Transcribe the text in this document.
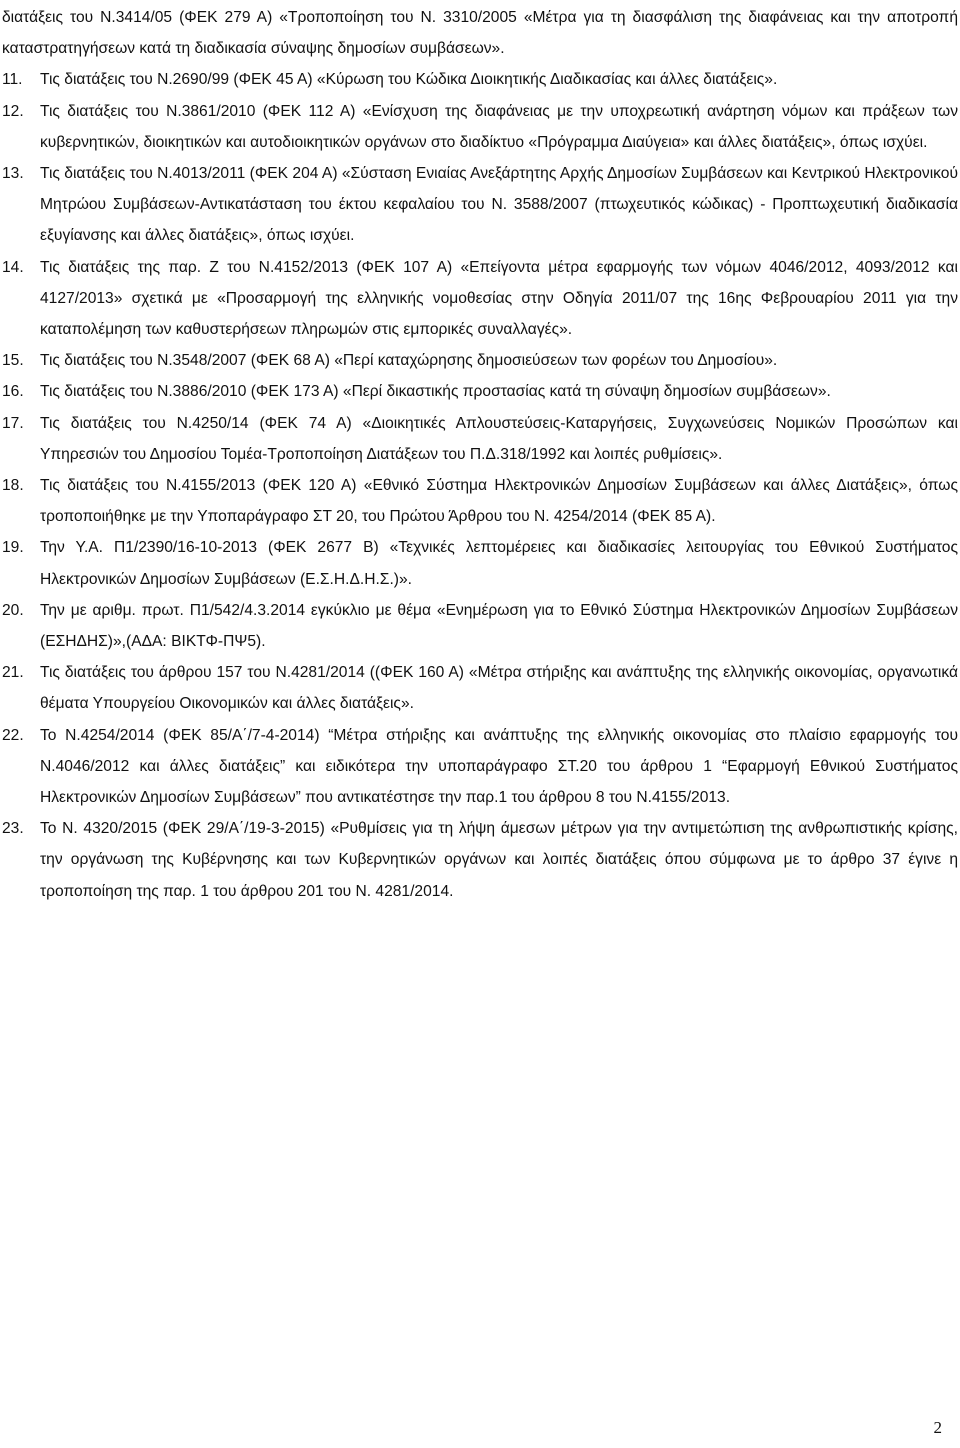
διατάξεις του Ν.3414/05 (ΦΕΚ 279 Α) «Τροποποίηση του Ν. 3310/2005 «Μέτρα για τη διασφάλιση της διαφάνειας και την αποτροπή καταστρατηγήσεων κατά τη διαδικασία σύναψης δημοσίων συμβάσεων».

11.	Τις διατάξεις του Ν.2690/99 (ΦΕΚ 45 Α) «Κύρωση του Κώδικα Διοικητικής Διαδικασίας και άλλες διατάξεις».
12.	Τις διατάξεις του Ν.3861/2010 (ΦΕΚ 112 Α) «Ενίσχυση της διαφάνειας με την υποχρεωτική ανάρτηση νόμων και πράξεων των κυβερνητικών, διοικητικών και αυτοδιοικητικών οργάνων στο διαδίκτυο «Πρόγραμμα Διαύγεια» και άλλες διατάξεις», όπως ισχύει.
13.	Τις διατάξεις του Ν.4013/2011 (ΦΕΚ 204 Α) «Σύσταση Ενιαίας Ανεξάρτητης Αρχής Δημοσίων Συμβάσεων και Κεντρικού Ηλεκτρονικού Μητρώου Συμβάσεων-Αντικατάσταση του έκτου κεφαλαίου του Ν. 3588/2007 (πτωχευτικός κώδικας) - Προπτωχευτική διαδικασία εξυγίανσης και άλλες διατάξεις», όπως ισχύει.
14.	Τις διατάξεις της παρ. Ζ του Ν.4152/2013 (ΦΕΚ 107 Α) «Επείγοντα μέτρα εφαρμογής των νόμων 4046/2012, 4093/2012 και 4127/2013» σχετικά με «Προσαρμογή της ελληνικής νομοθεσίας στην Οδηγία 2011/07 της 16ης Φεβρουαρίου 2011 για την καταπολέμηση των καθυστερήσεων πληρωμών στις εμπορικές συναλλαγές».
15.	Τις διατάξεις του Ν.3548/2007 (ΦΕΚ 68 Α) «Περί καταχώρησης δημοσιεύσεων των φορέων του Δημοσίου».
16.	Τις διατάξεις του Ν.3886/2010 (ΦΕΚ 173 Α) «Περί δικαστικής προστασίας κατά τη σύναψη δημοσίων συμβάσεων».
17.	Τις διατάξεις του Ν.4250/14 (ΦΕΚ 74 Α) «Διοικητικές Απλουστεύσεις-Καταργήσεις, Συγχωνεύσεις Νομικών Προσώπων και Υπηρεσιών του Δημοσίου Τομέα-Τροποποίηση Διατάξεων του Π.Δ.318/1992 και λοιπές ρυθμίσεις».
18.	Τις διατάξεις του Ν.4155/2013 (ΦΕΚ 120 Α) «Εθνικό Σύστημα Ηλεκτρονικών Δημοσίων Συμβάσεων και άλλες Διατάξεις», όπως τροποποιήθηκε με την Υποπαράγραφο ΣΤ 20, του Πρώτου Άρθρου του Ν. 4254/2014 (ΦΕΚ 85 Α).
19.	Την Υ.Α. Π1/2390/16-10-2013 (ΦΕΚ 2677 Β) «Τεχνικές λεπτομέρειες και διαδικασίες λειτουργίας του Εθνικού Συστήματος Ηλεκτρονικών Δημοσίων Συμβάσεων (Ε.Σ.Η.Δ.Η.Σ.)».
20.	Την με αριθμ. πρωτ. Π1/542/4.3.2014 εγκύκλιο με θέμα «Ενημέρωση για το Εθνικό Σύστημα Ηλεκτρονικών Δημοσίων Συμβάσεων (ΕΣΗΔΗΣ)»,(ΑΔΑ: ΒΙΚΤΦ-ΠΨ5).
21.	Τις διατάξεις του άρθρου 157 του Ν.4281/2014 ((ΦΕΚ 160 Α) «Μέτρα στήριξης και ανάπτυξης της ελληνικής οικονομίας, οργανωτικά θέματα Υπουργείου Οικονομικών και άλλες διατάξεις».
22.	Το Ν.4254/2014 (ΦΕΚ 85/Α΄/7-4-2014) “Μέτρα στήριξης και ανάπτυξης της ελληνικής οικονομίας στο πλαίσιο εφαρμογής του Ν.4046/2012 και άλλες διατάξεις” και ειδικότερα την υποπαράγραφο ΣΤ.20 του άρθρου 1 “Εφαρμογή Εθνικού Συστήματος Ηλεκτρονικών Δημοσίων Συμβάσεων” που αντικατέστησε την παρ.1 του άρθρου 8 του Ν.4155/2013.
23.	Το Ν. 4320/2015 (ΦΕΚ 29/Α΄/19-3-2015) «Ρυθμίσεις για τη λήψη άμεσων μέτρων για την αντιμετώπιση της ανθρωπιστικής κρίσης, την οργάνωση της Κυβέρνησης και των Κυβερνητικών οργάνων και λοιπές διατάξεις όπου σύμφωνα με το άρθρο 37 έγινε η τροποποίηση της παρ. 1 του άρθρου 201 του Ν. 4281/2014.
2
